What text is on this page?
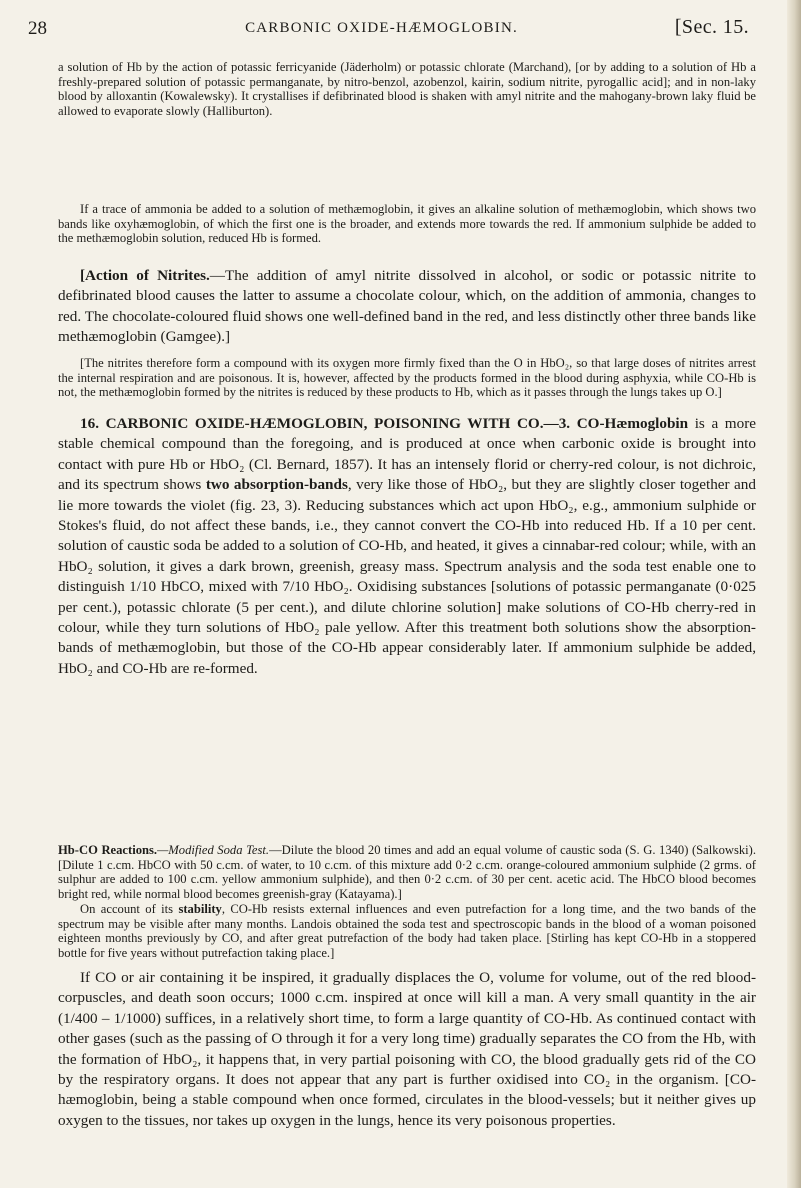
28	CARBONIC OXIDE-HÆMOGLOBIN.	[Sec. 15.

a solution of Hb by the action of potassic ferricyanide (Jäderholm) or potassic chlorate (Marchand), [or by adding to a solution of Hb a freshly-prepared solution of potassic permanganate, by nitro-benzol, azobenzol, kairin, sodium nitrite, pyrogallic acid]; and in non-laky blood by alloxantin (Kowalewsky). It crystallises if defibrinated blood is shaken with amyl nitrite and the mahogany-brown laky fluid be allowed to evaporate slowly (Halliburton).

If a trace of ammonia be added to a solution of methæmoglobin, it gives an alkaline solution of methæmoglobin, which shows two bands like oxyhæmoglobin, of which the first one is the broader, and extends more towards the red. If ammonium sulphide be added to the methæmoglobin solution, reduced Hb is formed.

[Action of Nitrites.—The addition of amyl nitrite dissolved in alcohol, or sodic or potassic nitrite to defibrinated blood causes the latter to assume a chocolate colour, which, on the addition of ammonia, changes to red. The chocolate-coloured fluid shows one well-defined band in the red, and less distinctly other three bands like methæmoglobin (Gamgee).]

[The nitrites therefore form a compound with its oxygen more firmly fixed than the O in HbO₂, so that large doses of nitrites arrest the internal respiration and are poisonous. It is, however, affected by the products formed in the blood during asphyxia, while CO-Hb is not, the methæmoglobin formed by the nitrites is reduced by these products to Hb, which as it passes through the lungs takes up O.]

16. CARBONIC OXIDE-HÆMOGLOBIN, POISONING WITH CO.—3. CO-Hæmoglobin is a more stable chemical compound than the foregoing, and is produced at once when carbonic oxide is brought into contact with pure Hb or HbO₂ (Cl. Bernard, 1857). It has an intensely florid or cherry-red colour, is not dichroic, and its spectrum shows two absorption-bands, very like those of HbO₂, but they are slightly closer together and lie more towards the violet (fig. 23, 3). Reducing substances which act upon HbO₂, e.g., ammonium sulphide or Stokes's fluid, do not affect these bands, i.e., they cannot convert the CO-Hb into reduced Hb. If a 10 per cent. solution of caustic soda be added to a solution of CO-Hb, and heated, it gives a cinnabar-red colour; while, with an HbO₂ solution, it gives a dark brown, greenish, greasy mass. Spectrum analysis and the soda test enable one to distinguish 1/10 HbCO, mixed with 7/10 HbO₂. Oxidising substances [solutions of potassic permanganate (0·025 per cent.), potassic chlorate (5 per cent.), and dilute chlorine solution] make solutions of CO-Hb cherry-red in colour, while they turn solutions of HbO₂ pale yellow. After this treatment both solutions show the absorption-bands of methæmoglobin, but those of the CO-Hb appear considerably later. If ammonium sulphide be added, HbO₂ and CO-Hb are re-formed.

Hb-CO Reactions.—Modified Soda Test.—Dilute the blood 20 times and add an equal volume of caustic soda (S. G. 1340) (Salkowski). [Dilute 1 c.cm. HbCO with 50 c.cm. of water, to 10 c.cm. of this mixture add 0·2 c.cm. orange-coloured ammonium sulphide (2 grms. of sulphur are added to 100 c.cm. yellow ammonium sulphide), and then 0·2 c.cm. of 30 per cent. acetic acid. The HbCO blood becomes bright red, while normal blood becomes greenish-gray (Katayama).]

On account of its stability, CO-Hb resists external influences and even putrefaction for a long time, and the two bands of the spectrum may be visible after many months. Landois obtained the soda test and spectroscopic bands in the blood of a woman poisoned eighteen months previously by CO, and after great putrefaction of the body had taken place. [Stirling has kept CO-Hb in a stoppered bottle for five years without putrefaction taking place.]

If CO or air containing it be inspired, it gradually displaces the O, volume for volume, out of the red blood-corpuscles, and death soon occurs; 1000 c.cm. inspired at once will kill a man. A very small quantity in the air (1/400 – 1/1000) suffices, in a relatively short time, to form a large quantity of CO-Hb. As continued contact with other gases (such as the passing of O through it for a very long time) gradually separates the CO from the Hb, with the formation of HbO₂, it happens that, in very partial poisoning with CO, the blood gradually gets rid of the CO by the respiratory organs. It does not appear that any part is further oxidised into CO₂ in the organism. [CO-hæmoglobin, being a stable compound when once formed, circulates in the blood-vessels; but it neither gives up oxygen to the tissues, nor takes up oxygen in the lungs, hence its very poisonous properties.
